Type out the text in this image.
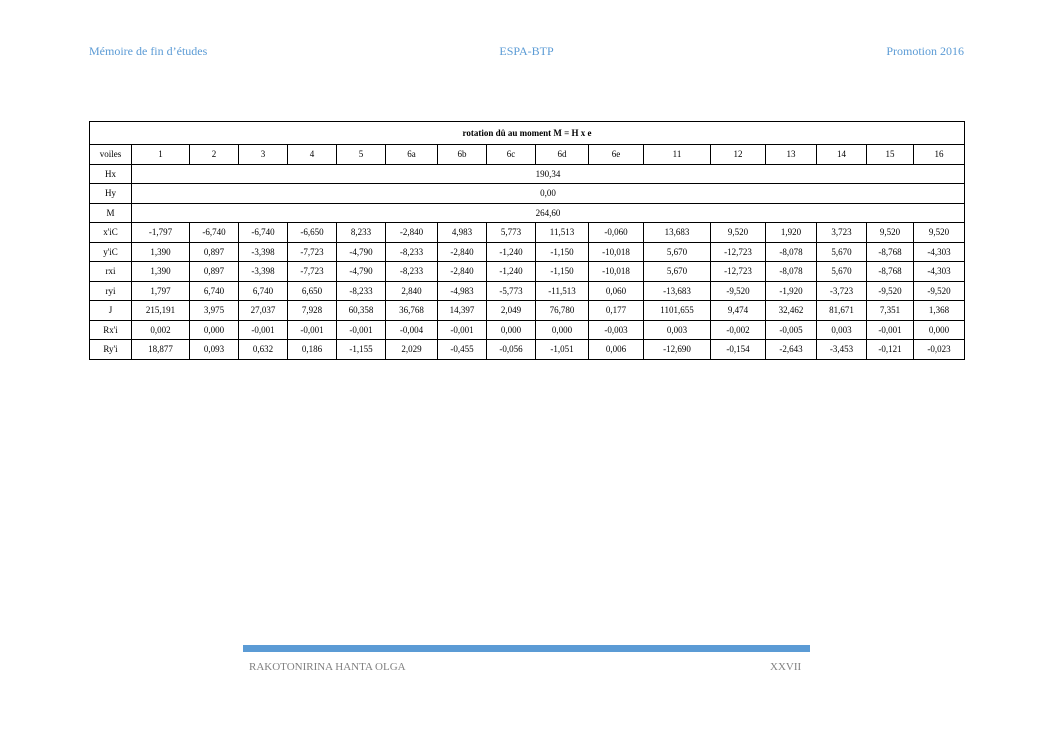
Mémoire de fin d’études	ESPA-BTP	Promotion 2016
rotation dû au moment M = H x e																
voiles	1	2	3	4	5	6a	6b	6c	6d	6e	11	12	13	14	15	16
Hx	190,34															
Hy	0,00															
M	264,60															
x'iC	-1,797	-6,740	-6,740	-6,650	8,233	-2,840	4,983	5,773	11,513	-0,060	13,683	9,520	1,920	3,723	9,520	9,520
y'iC	1,390	0,897	-3,398	-7,723	-4,790	-8,233	-2,840	-1,240	-1,150	-10,018	5,670	-12,723	-8,078	5,670	-8,768	-4,303
rxi	1,390	0,897	-3,398	-7,723	-4,790	-8,233	-2,840	-1,240	-1,150	-10,018	5,670	-12,723	-8,078	5,670	-8,768	-4,303
ryi	1,797	6,740	6,740	6,650	-8,233	2,840	-4,983	-5,773	-11,513	0,060	-13,683	-9,520	-1,920	-3,723	-9,520	-9,520
J	215,191	3,975	27,037	7,928	60,358	36,768	14,397	2,049	76,780	0,177	1101,655	9,474	32,462	81,671	7,351	1,368
Rx'i	0,002	0,000	-0,001	-0,001	-0,001	-0,004	-0,001	0,000	0,000	-0,003	0,003	-0,002	-0,005	0,003	-0,001	0,000
Ry'i	18,877	0,093	0,632	0,186	-1,155	2,029	-0,455	-0,056	-1,051	0,006	-12,690	-0,154	-2,643	-3,453	-0,121	-0,023
RAKOTONIRINA HANTA OLGA	XXVII
